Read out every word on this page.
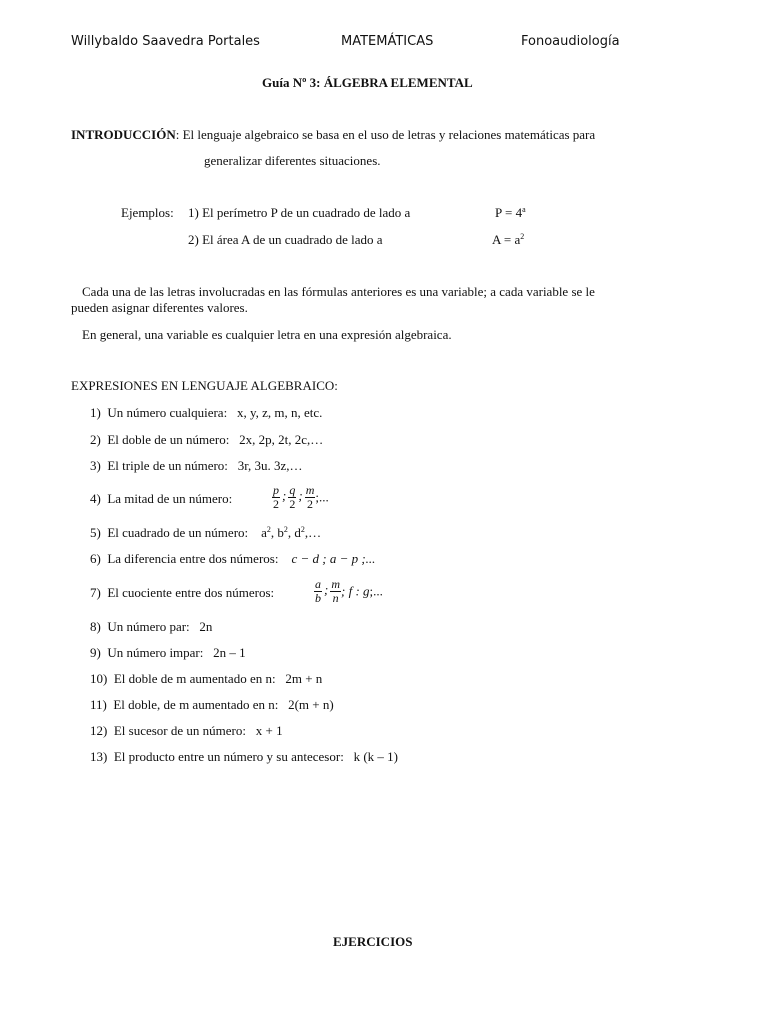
Willybaldo Saavedra Portales	MATEMÁTICAS	Fonoaudiología
Guía Nº 3: ÁLGEBRA ELEMENTAL
INTRODUCCIÓN: El lenguaje algebraico se basa en el uso de letras y relaciones matemáticas para
generalizar diferentes situaciones.
Ejemplos: 1) El perímetro P de un cuadrado de lado a	$P = 4^a$
2) El área A de un cuadrado de lado a	$A = a^2$
Cada una de las letras involucradas en las fórmulas anteriores es una variable; a cada variable se le
pueden asignar diferentes valores.
En general, una variable es cualquier letra en una expresión algebraica.
EXPRESIONES EN LENGUAJE ALGEBRAICO:
1) Un número cualquiera: x, y, z, m, n, etc.
2) El doble de un número: 2x, 2p, 2t, 2c,…
3) El triple de un número: 3r, 3u. 3z,…
4) La mitad de un número:	$\frac{p}{2}$ ; $\frac{q}{2}$ ; $\frac{m}{2}$ ;...
5) El cuadrado de un número: $a^2$, $b^2$, $d^2,\dots$
6) La diferencia entre dos números: c − d ; a − p ;...
7) El cuociente entre dos números:	$\frac{a}{b}$ ; $\frac{m}{n}$ ; f : g;...
8) Un número par: 2n
9) Un número impar: 2n – 1
10) El doble de m aumentado en n: 2m + n
11) El doble, de m aumentado en n: 2(m + n)
12) El sucesor de un número: x + 1
13) El producto entre un número y su antecesor: k (k – 1)
EJERCICIOS
